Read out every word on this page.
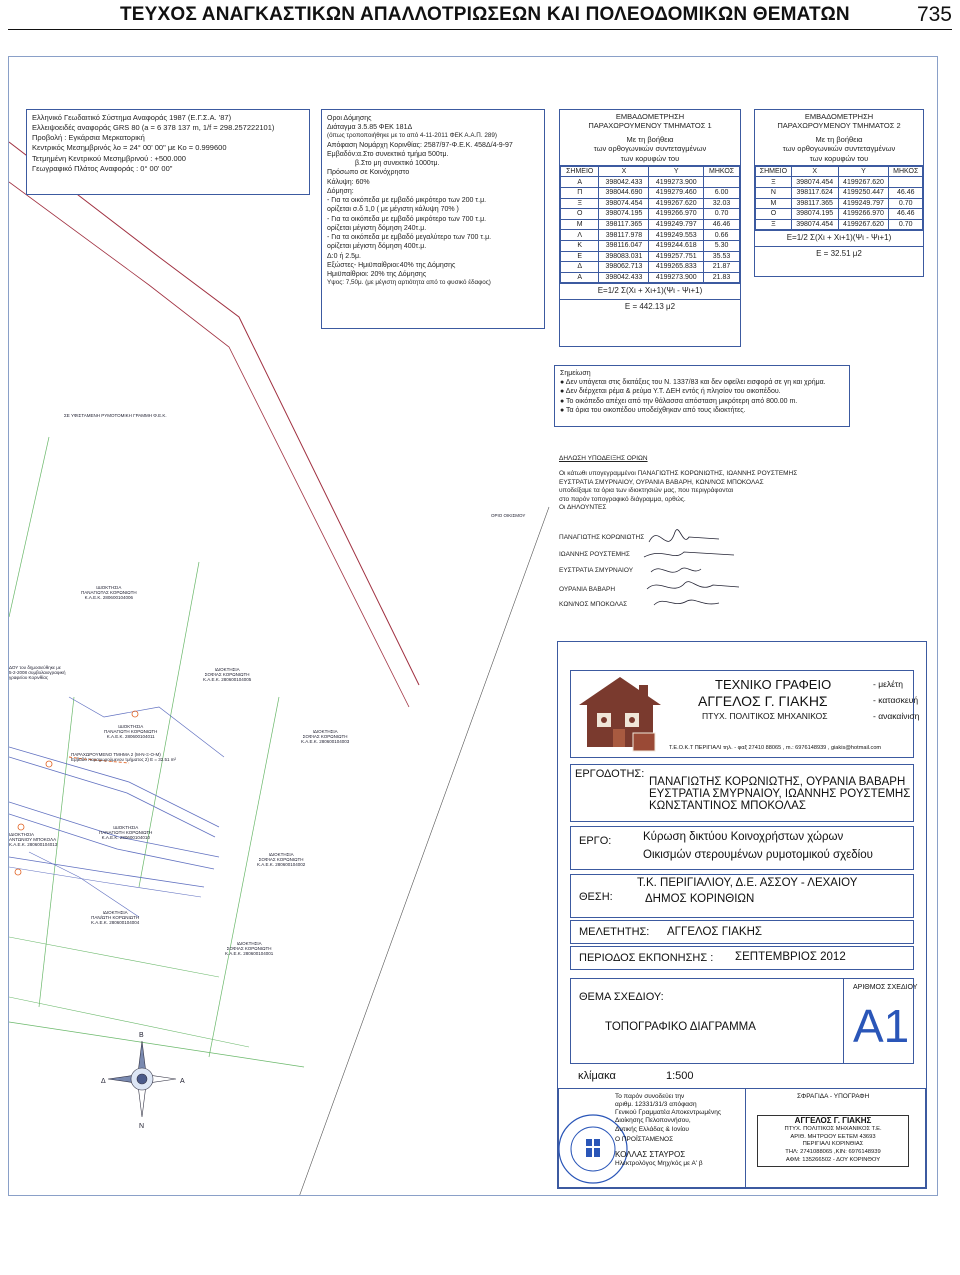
ΤΕΥΧΟΣ ΑΝΑΓΚΑΣΤΙΚΩΝ ΑΠΑΛΛΟΤΡΙΩΣΕΩΝ ΚΑΙ ΠΟΛΕΟΔΟΜΙΚΩΝ ΘΕΜΑΤΩΝ	735
Β
Ν
Α
Δ
ΣΕ ΥΦΙΣΤΑΜΕΝΗ ΡΥΜΟΤΟΜΙΚΗ ΓΡΑΜΜΗ Φ.Ε.Κ.
ΟΡΙΟ ΟΙΚΙΣΜΟΥ
ΙΔΙΟΚΤΗΣΙΑ
ΠΑΝΑΓΙΩΤΑΣ ΚΟΡΩΝΙΩΤΗ
Κ.Α.Ε.Κ. 280600104006
ΙΔΙΟΚΤΗΣΙΑ
ΣΟΦΙΑΣ ΚΟΡΩΝΙΩΤΗ
Κ.Α.Ε.Κ. 280600104005
ΙΔΙΟΚΤΗΣΙΑ
ΠΑΝΑΓΙΩΤΗ ΚΟΡΩΝΙΩΤΗ
Κ.Α.Ε.Κ. 280600104011
ΙΔΙΟΚΤΗΣΙΑ
ΣΟΦΙΑΣ ΚΟΡΩΝΙΩΤΗ
Κ.Α.Ε.Κ. 280600104003
ΙΔΙΟΚΤΗΣΙΑ
ΠΑΝΑΓΙΩΤΗ ΚΟΡΩΝΙΩΤΗ
Κ.Α.Ε.Κ. 280600104010
ΙΔΙΟΚΤΗΣΙΑ
ΣΟΦΙΑΣ ΚΟΡΩΝΙΩΤΗ
Κ.Α.Ε.Κ. 280600104002
ΙΔΙΟΚΤΗΣΙΑ
ΠΑΝ/ΩΤΗ ΚΟΡΩΝΙΩΤΗ
Κ.Α.Ε.Κ. 280600104004
ΙΔΙΟΚΤΗΣΙΑ
ΣΟΦΙΑΣ ΚΟΡΩΝΙΩΤΗ
Κ.Α.Ε.Κ. 280600104001
ΙΔΙΟΚΤΗΣΙΑ
ΑΝΤΩΝΙΟΥ ΜΠΟΚΟΛΑ
Κ.Α.Ε.Κ. 280600104013
ΠΑΡΑΧΩΡΟΥΜΕΝΟ ΤΜΗΜΑ 2 (Μ-Ν-Ξ-Ο-Μ)
Εμβαδό παραχωρούμενου τμήματος 2) Ε = 32.51 m²
ΔΟΥ του δημοσιεύθηκε με
5-2-2008 συμβολαιογραφική
γραφείου Κορινθίας
Ελληνικό Γεωδαιτικό Σύστημα Αναφοράς 1987 (Ε.Γ.Σ.Α. '87)
Ελλειψοειδές αναφοράς GRS 80 (a = 6 378 137 m, 1/f = 298.257222101)
Προβολή : Εγκάρσια Μερκατορική
Κεντρικός Μεσημβρινός λο = 24° 00' 00" με Κο = 0.999600
Τετμημένη Κεντρικού Μεσημβρινού : +500.000
Γεωγραφικό Πλάτος Αναφοράς : 0° 00' 00"
Οροι Δόμησης
Διάταγμα 3.5.85 ΦΕΚ 181Δ
(όπως τροποποιήθηκε με το από 4-11-2011 ΦΕΚ Α.Α.Π. 289)
Απόφαση Νομάρχη Κορινθίας: 2587/97-Φ.Ε.Κ. 458Δ/4-9-97
Εμβαδόν:α.Στο συνεκτικό τμήμα 500τμ.
β.Στο μη συνεκτικό 1000τμ.
Πρόσωπο σε Κοινόχρηστο
Κάλυψη: 60%
Δόμηση:
- Για τα οικόπεδα με εμβαδό μικρότερο των 200 τ.μ.
ορίζεται σ.δ 1,0 ( με μέγιστη κάλυψη 70% )
- Για τα οικόπεδα με εμβαδό μικρότερο των 700 τ.μ.
ορίζεται μέγιστη δόμηση 240τ.μ.
- Για τα οικόπεδα με εμβαδό μεγαλύτερο των 700 τ.μ.
ορίζεται μέγιστη δόμηση 400τ.μ.
Δ:0 ή 2.5μ.
Εξώστες- Ημιϋπαίθριοι:40% της Δόμησης
Ημιϋπαίθριοι: 20% της Δόμησης
Υψος: 7,50μ. (με μέγιστη αρτιότητα από το φυσικό έδαφος)
ΕΜΒΑΔΟΜΕΤΡΗΣΗ
ΠΑΡΑΧΩΡΟΥΜΕΝΟΥ ΤΜΗΜΑΤΟΣ 1
Με τη βοήθεια
των ορθογωνικών συντεταγμένων
των κορυφών του
ΣΗΜΕΙΟ	Χ	Υ	ΜΗΚΟΣ
Α	398042.433	4199273.900	
Π	398044.690	4199279.460	6.00
Ξ	398074.454	4199267.620	32.03
Ο	398074.195	4199266.970	0.70
Μ	398117.365	4199249.797	46.46
Λ	398117.978	4199249.553	0.66
Κ	398116.047	4199244.618	5.30
Ε	398083.031	4199257.751	35.53
Δ	398062.713	4199265.833	21.87
Α	398042.433	4199273.900	21.83
Ε=1/2 Σ(Χι + Χι+1)(Ψι - Ψι+1)
Ε = 442.13 μ2
ΕΜΒΑΔΟΜΕΤΡΗΣΗ
ΠΑΡΑΧΩΡΟΥΜΕΝΟΥ ΤΜΗΜΑΤΟΣ 2
Με τη βοήθεια
των ορθογωνικών συντεταγμένων
των κορυφών του
ΣΗΜΕΙΟ	Χ	Υ	ΜΗΚΟΣ
Ξ	398074.454	4199267.620	
Ν	398117.624	4199250.447	46.46
Μ	398117.365	4199249.797	0.70
Ο	398074.195	4199266.970	46.46
Ξ	398074.454	4199267.620	0.70
Ε=1/2 Σ(Χι + Χι+1)(Ψι - Ψι+1)
Ε = 32.51 μ2
Σημείωση
● Δεν υπάγεται στις διατάξεις του Ν. 1337/83 και δεν οφείλει εισφορά σε γη και χρήμα.
● Δεν διέρχεται ρέμα & ρεύμα Υ.Τ. ΔΕΗ εντός ή πλησίον του οικοπέδου.
● Το οικόπεδο απέχει από την θάλασσα απόσταση μικρότερη από 800.00 m.
● Τα όρια του οικοπέδου υποδείχθηκαν από τους ιδιοκτήτες.
ΔΗΛΩΣΗ ΥΠΟΔΕΙΞΗΣ ΟΡΙΩΝ
Οι κάτωθι υπογεγραμμένοι ΠΑΝΑΓΙΩΤΗΣ ΚΟΡΩΝΙΩΤΗΣ, ΙΩΑΝΝΗΣ ΡΟΥΣΤΕΜΗΣ
ΕΥΣΤΡΑΤΙΑ ΣΜΥΡΝΑΙΟΥ, ΟΥΡΑΝΙΑ ΒΑΒΑΡΗ, ΚΩΝ/ΝΟΣ ΜΠΟΚΟΛΑΣ
υποδείξαμε τα όρια των ιδιοκτησιών μας, που περιγράφονται
στο παρόν τοπογραφικό διάγραμμα, ορθώς.
Οι ΔΗΛΟΥΝΤΕΣ
ΠΑΝΑΓΙΩΤΗΣ ΚΟΡΩΝΙΩΤΗΣ
ΙΩΑΝΝΗΣ ΡΟΥΣΤΕΜΗΣ
ΕΥΣΤΡΑΤΙΑ ΣΜΥΡΝΑΙΟΥ
ΟΥΡΑΝΙΑ ΒΑΒΑΡΗ
ΚΩΝ/ΝΟΣ ΜΠΟΚΟΛΑΣ
ΤΕΧΝΙΚΟ ΓΡΑΦΕΙΟ
ΑΓΓΕΛΟΣ Γ. ΓΙΑΚΗΣ
ΠΤΥΧ. ΠΟΛΙΤΙΚΟΣ ΜΗΧΑΝΙΚΟΣ
- μελέτη
- κατασκευή
- ανακαίνιση
Τ.Ε.Ο.Κ.Τ ΠΕΡΙΓΙΑΛΙ τηλ. - φαξ 27410 88065 , m.: 6976148939 , giakis@hotmail.com
ΕΡΓΟΔΟΤΗΣ:
ΠΑΝΑΓΙΩΤΗΣ ΚΟΡΩΝΙΩΤΗΣ, ΟΥΡΑΝΙΑ ΒΑΒΑΡΗ
ΕΥΣΤΡΑΤΙΑ ΣΜΥΡΝΑΙΟΥ, ΙΩΑΝΝΗΣ ΡΟΥΣΤΕΜΗΣ
ΚΩΝΣΤΑΝΤΙΝΟΣ ΜΠΟΚΟΛΑΣ
ΕΡΓΟ:	Κύρωση δικτύου Κοινοχρήστων χώρων
Οικισμών στερουμένων ρυμοτομικού σχεδίου
ΘΕΣΗ:
Τ.Κ. ΠΕΡΙΓΙΑΛΙΟΥ, Δ.Ε. ΑΣΣΟΥ - ΛΕΧΑΙΟΥ
ΔΗΜΟΣ ΚΟΡΙΝΘΙΩΝ
ΜΕΛΕΤΗΤΗΣ: ΑΓΓΕΛΟΣ ΓΙΑΚΗΣ
ΠΕΡΙΟΔΟΣ ΕΚΠΟΝΗΣΗΣ : ΣΕΠΤΕΜΒΡΙΟΣ 2012
ΘΕΜΑ ΣΧΕΔΙΟΥ:
ΤΟΠΟΓΡΑΦΙΚΟ ΔΙΑΓΡΑΜΜΑ
ΑΡΙΘΜΟΣ ΣΧΕΔΙΟΥ
A1
κλίμακα	1:500
Το παρόν συνοδεύει την
αριθμ. 12331/31/3 απόφαση
Γενικού Γραμματέα Αποκεντρωμένης
Διοίκησης Πελοποννήσου,
Δυτικής Ελλάδας & Ιονίου
Ο ΠΡΟΪΣΤΑΜΕΝΟΣ
ΚΟΛΛΑΣ ΣΤΑΥΡΟΣ
Ηλεκτρολόγος Μηχ/κός με Α' β
ΣΦΡΑΓΙΔΑ - ΥΠΟΓΡΑΦΗ
ΑΓΓΕΛΟΣ Γ. ΓΙΑΚΗΣ
ΠΤΥΧ. ΠΟΛΙΤΙΚΟΣ ΜΗΧΑΝΙΚΟΣ Τ.Ε.
ΑΡΙΘ. ΜΗΤΡΩΟΥ ΕΕΤΕΜ 43693
ΠΕΡΙΓΙΑΛΙ ΚΟΡΙΝΘΙΑΣ
ΤΗΛ: 2741088065 ,ΚΙΝ: 6976148939
ΑΦΜ: 135266502 - ΔΟΥ ΚΟΡΙΝΘΟΥ
